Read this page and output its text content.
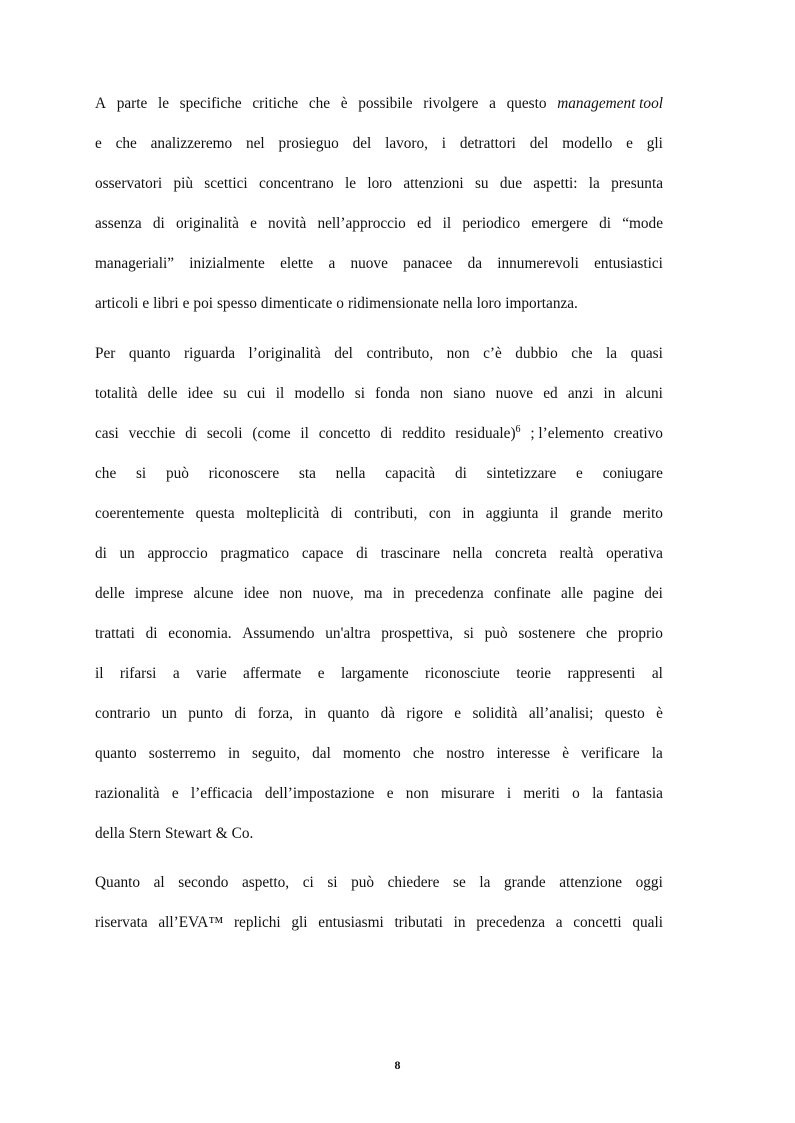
A parte le specifiche critiche che è possibile rivolgere a questo management tool
e che analizzeremo nel prosieguo del lavoro, i detrattori del modello e gli
osservatori più scettici concentrano le loro attenzioni su due aspetti: la presunta
assenza di originalità e novità nell’approccio ed il periodico emergere di “mode
manageriali” inizialmente elette a nuove panacee da innumerevoli entusiastici
articoli e libri e poi spesso dimenticate o ridimensionate nella loro importanza.
Per quanto riguarda l’originalità del contributo, non c’è dubbio che la quasi
totalità delle idee su cui il modello si fonda non siano nuove ed anzi in alcuni
casi vecchie di secoli (come il concetto di reddito residuale)$^6$ ; l’elemento creativo
che si può riconoscere sta nella capacità di sintetizzare e coniugare
coerentemente questa molteplicità di contributi, con in aggiunta il grande merito
di un approccio pragmatico capace di trascinare nella concreta realtà operativa
delle imprese alcune idee non nuove, ma in precedenza confinate alle pagine dei
trattati di economia. Assumendo un'altra prospettiva, si può sostenere che proprio
il rifarsi a varie affermate e largamente riconosciute teorie rappresenti al
contrario un punto di forza, in quanto dà rigore e solidità all’analisi; questo è
quanto sosterremo in seguito, dal momento che nostro interesse è verificare la
razionalità e l’efficacia dell’impostazione e non misurare i meriti o la fantasia
della Stern Stewart & Co.
Quanto al secondo aspetto, ci si può chiedere se la grande attenzione oggi
riservata all’EVA™ replichi gli entusiasmi tributati in precedenza a concetti quali
8
